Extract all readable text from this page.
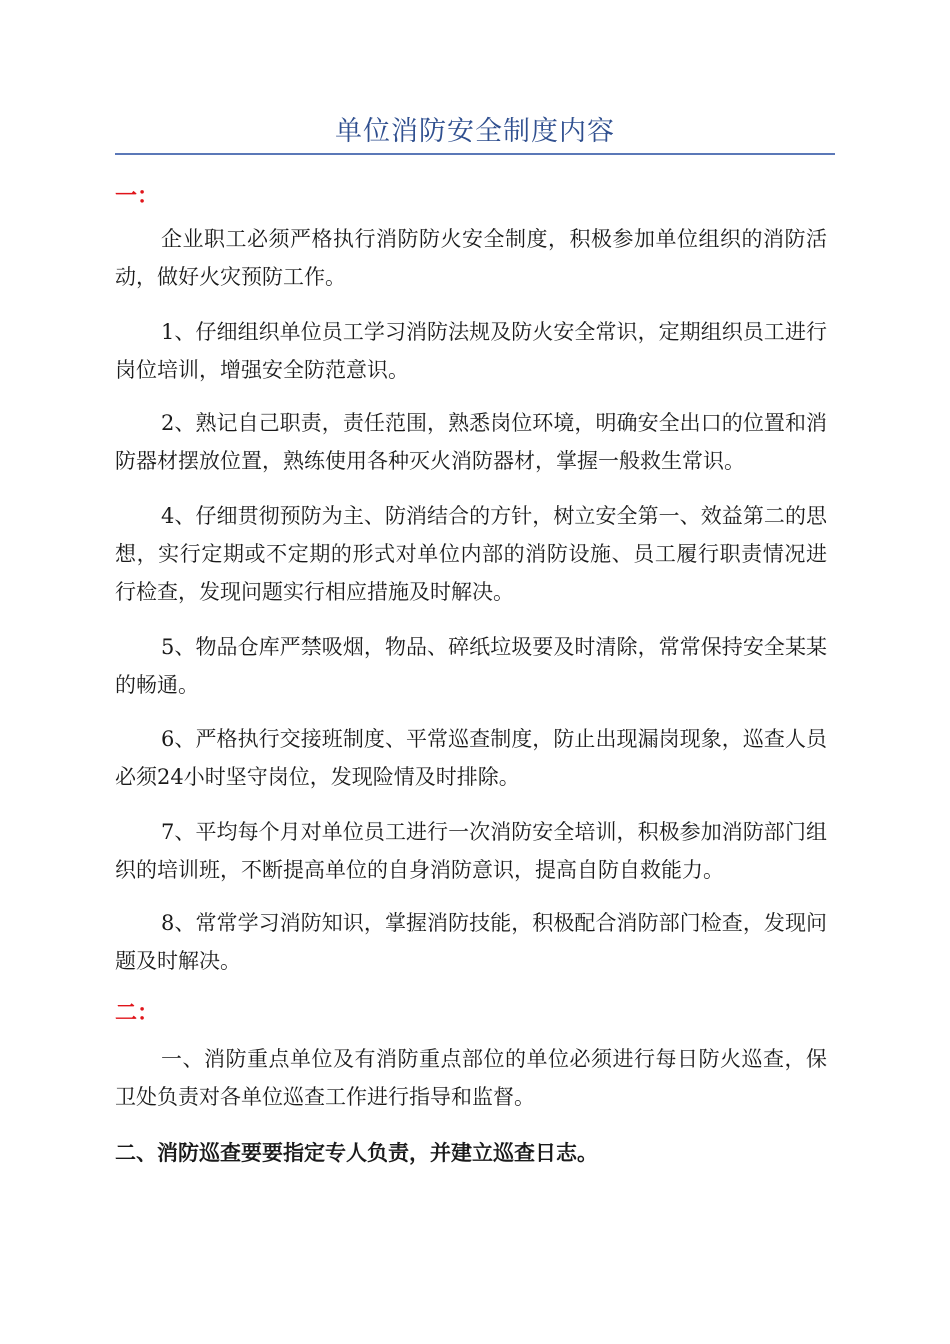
单位消防安全制度内容
一：

企业职工必须严格执行消防防火安全制度，积极参加单位组织的消防活动，做好火灾预防工作。

1、仔细组织单位员工学习消防法规及防火安全常识，定期组织员工进行岗位培训，增强安全防范意识。

2、熟记自己职责，责任范围，熟悉岗位环境，明确安全出口的位置和消防器材摆放位置，熟练使用各种灭火消防器材，掌握一般救生常识。

4、仔细贯彻预防为主、防消结合的方针，树立安全第一、效益第二的思想，实行定期或不定期的形式对单位内部的消防设施、员工履行职责情况进行检查，发现问题实行相应措施及时解决。

5、物品仓库严禁吸烟，物品、碎纸垃圾要及时清除，常常保持安全某某的畅通。

6、严格执行交接班制度、平常巡查制度，防止出现漏岗现象，巡查人员必须24小时坚守岗位，发现险情及时排除。

7、平均每个月对单位员工进行一次消防安全培训，积极参加消防部门组织的培训班，不断提高单位的自身消防意识，提高自防自救能力。

8、常常学习消防知识，掌握消防技能，积极配合消防部门检查，发现问题及时解决。

二：

一、消防重点单位及有消防重点部位的单位必须进行每日防火巡查，保卫处负责对各单位巡查工作进行指导和监督。

二、消防巡查要要指定专人负责，并建立巡查日志。
